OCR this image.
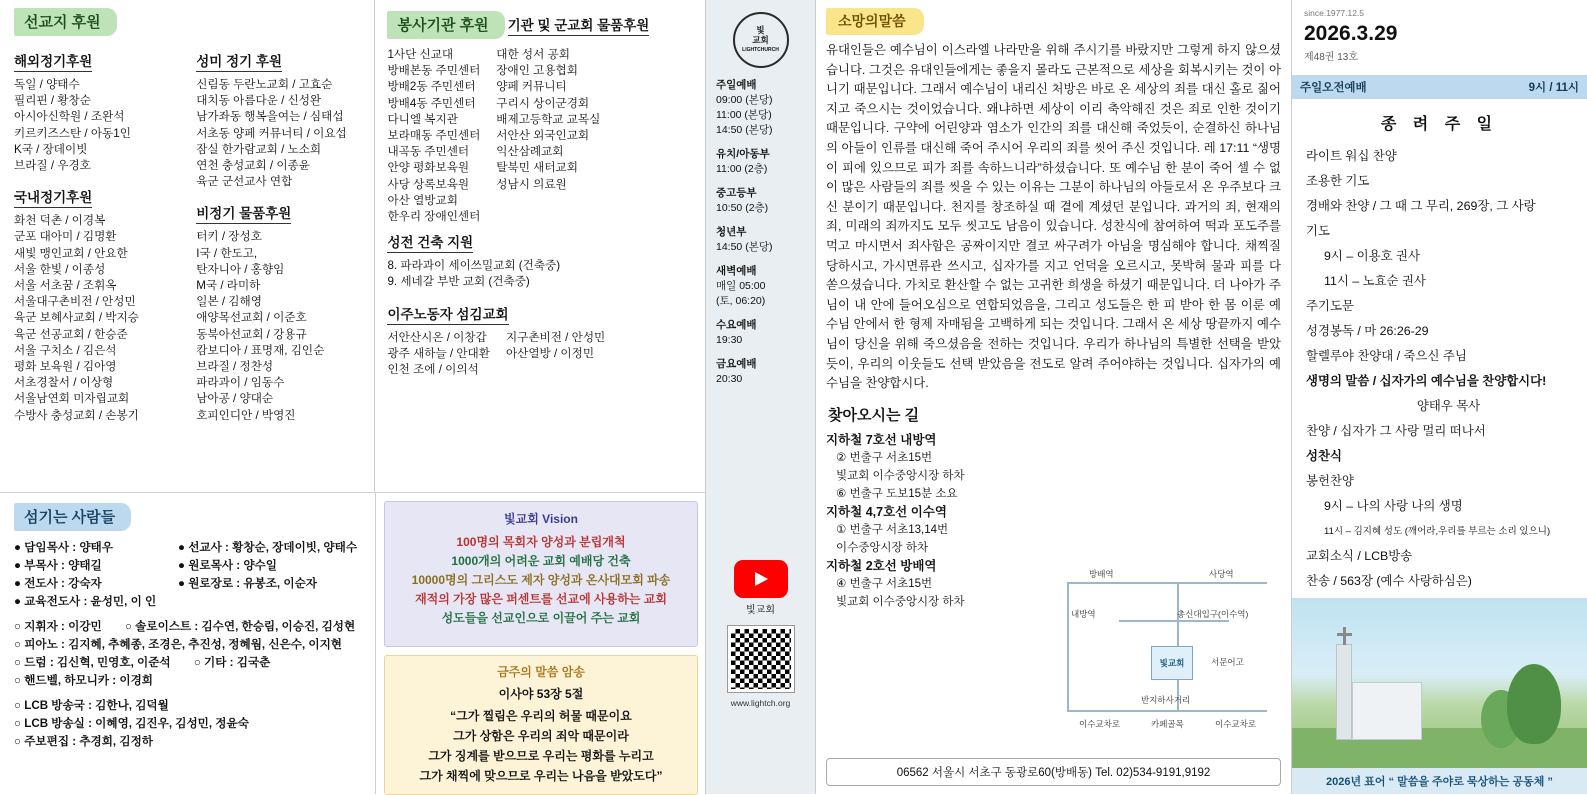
선교지 후원
해외정기후원
독일 / 양태수
필리핀 / 황창순
아시아신학원 / 조완석
키르키즈스탄 / 아동1인
K국 / 장데이빗
브라질 / 우경호
국내정기후원
화천 덕촌 / 이경복
군포 대아미 / 김명환
새빛 맹인교회 / 안요한
서울 한빛 / 이종성
서울 서초꿈 / 조휘옥
서울대구촌비전 / 안성민
육군 보혜사교회 / 박지승
육군 선공교회 / 한승준
서울 구치소 / 김은석
평화 보육원 / 김아영
서초경찰서 / 이상형
서울남연회 미자립교회
수방사 충성교회 / 손봉기
성미 정기 후원
신림동 두란노교회 / 고효순
대치동 아름다운 / 신성완
남가좌동 행복을여는 / 심태섭
서초동 양페 커뮤너티 / 이요섭
잠실 한가람교회 / 노소희
연천 충성교회 / 이종윤
육군 군선교사 연합
비정기 물품후원
터키 / 장성호
I국 / 한도고,
탄자니아 / 홍향임
M국 / 라미하
일본 / 김해영
애양목선교회 / 이준호
동북아선교회 / 강용규
캄보디아 / 표명재, 김인순
브라질 / 정찬성
파라과이 / 임동수
남아공 / 양대순
호피인디안 / 박영진
봉사기관 후원 기관 및 군교회 물품후원
1사단 신교대
방배본동 주민센터
방배2동 주민센터
방배4동 주민센터
다니엘 복지관
보라매동 주민센터
내곡동 주민센터
안양 평화보육원
사당 상록보육원
아산 열방교회
한우리 장애인센터
대한 성서 공회
장애인 고용협회
양페 커뮤니티
구리시 상이군경회
배제고등학교 교목실
서안산 외국인교회
익산삼례교회
탈북민 새터교회
성남시 의료원
성전 건축 지원
8. 파라과이 세이쓰밀교회 (건축중)
9. 세네갈 부반 교회 (건축중)
이주노동자 섬김교회
서안산시온 / 이창갑
광주 새하늘 / 안대환
인천 조에 / 이의석
지구촌비전 / 안성민
아산열방 / 이정민
섬기는 사람들
● 담임목사 : 양태우
● 부목사 : 양태길
● 전도사 : 강숙자
● 교육전도사 : 윤성민, 이 인
● 선교사 : 황창순, 장데이빗, 양태수
● 원로목사 : 양수일
● 원로장로 : 유봉조, 이순자
○ 지휘자 : 이강민　　○ 솔로이스트 : 김수연, 한승림, 이승진, 김성현
○ 피아노 : 김지혜, 추혜종, 조경은, 추진성, 정혜웜, 신은수, 이지현
○ 드럼 : 김신혁, 민영호, 이준석　　○ 기타 : 김국춘
○ 핸드벨, 하모니카 : 이경희
○ LCB 방송국 : 김한나, 김덕월
○ LCB 방송실 : 이혜영, 김진우, 김성민, 정윤숙
○ 주보편집 : 추경희, 김정하
빛교회 Vision
100명의 목회자 양성과 분립개척
1000개의 어려운 교회 예배당 건축
10000명의 그리스도 제자 양성과 온사대모회 파송
재적의 가장 많은 퍼센트를 선교에 사용하는 교회
성도들을 선교인으로 이끌어 주는 교회
금주의 말씀 암송
이사야 53장 5절

“그가 찔림은 우리의 허물 때문이요

그가 상함은 우리의 죄악 때문이라

그가 징계를 받으므로 우리는 평화를 누리고

그가 채찍에 맞으므로 우리는 나음을 받았도다”

빛
교회
LIGHTCHURCH
주일예배
09:00 (본당)
11:00 (본당)
14:50 (본당)
유치/아동부
11:00 (2층)
중고등부
10:50 (2층)
청년부
14:50 (본당)
새벽예배
매일 05:00
(토, 06:20)
수요예배
19:30
금요예배
20:30
빛교회
www.lightch.org
소망의말씀
유대인들은 예수님이 이스라엘 나라만을 위해 주시기를 바랐지만 그렇게 하지 않으셨습니다. 그것은 유대인들에게는 좋을지 몰라도 근본적으로 세상을 회복시키는 것이 아니기 때문입니다. 그래서 예수님이 내리신 처방은 바로 온 세상의 죄를 대신 홀로 짊어지고 죽으시는 것이었습니다. 왜냐하면 세상이 이리 축악해진 것은 죄로 인한 것이기 때문입니다. 구약에 어린양과 염소가 인간의 죄를 대신해 죽었듯이, 순결하신 하나님의 아들이 인류를 대신해 죽어 주시어 우리의 죄를 씻어 주신 것입니다. 레 17:11 “생명이 피에 있으므로 피가 죄를 속하느니라”하셨습니다. 또 예수님 한 분이 죽어 셀 수 없이 많은 사람들의 죄를 씻을 수 있는 이유는 그분이 하나님의 아들로서 온 우주보다 크신 분이기 때문입니다. 천지를 창조하실 때 곁에 계셨던 분입니다. 과거의 죄, 현재의 죄, 미래의 죄까지도 모두 씻고도 남음이 있습니다. 성찬식에 참여하여 떡과 포도주를 먹고 마시면서 죄사함은 공짜이지만 결코 싸구려가 아님을 명심해야 합니다. 채찍질 당하시고, 가시면류관 쓰시고, 십자가를 지고 언덕을 오르시고, 못박혀 물과 피를 다 쏟으셨습니다. 가치로 환산할 수 없는 고귀한 희생을 하셨기 때문입니다. 더 나아가 주님이 내 안에 들어오심으로 연합되었음을, 그리고 성도들은 한 피 받아 한 몸 이룬 예수님 안에서 한 형제 자매됨을 고백하게 되는 것입니다. 그래서 온 세상 땅끝까지 예수님이 당신을 위해 죽으셨음을 전하는 것입니다. 우리가 하나님의 특별한 선택을 받았듯이, 우리의 이웃들도 선택 받았음을 전도로 알려 주어야하는 것입니다. 십자가의 예수님을 찬양합시다.
찾아오시는 길
지하철 7호선 내방역
② 번출구 서초15번
빛교회 이수중앙시장 하차
⑥ 번출구 도보15분 소요
지하철 4,7호선 이수역
① 번출구 서초13,14번
이수중앙시장 하차
지하철 2호선 방배역
④ 번출구 서초15번
빛교회 이수중앙시장 하차
방배역	사당역
내방역	총신대입구(이수역)
서문어고
반지하사거리
이수교차로	카페골목	이수교차로
빛교회
06562 서울시 서초구 동광로60(방배동) Tel. 02)534-9191,9192
since.1977.12.5
2026.3.29
제48권 13호
주일오전예배	9시 / 11시
종 려 주 일
라이트 워십 찬양
조용한 기도
경배와 찬양 / 그 때 그 무리, 269장, 그 사랑
기도
9시 – 이용호 권사
11시 – 노효순 권사
주기도문
성경봉독 / 마 26:26-29
할렐루야 찬양대 / 죽으신 주님
생명의 말씀 / 십자가의 예수님을 찬양합시다!
양태우 목사
찬양 / 십자가 그 사랑 멀리 떠나서
성찬식
봉헌찬양
9시 – 나의 사랑 나의 생명
11시 – 김지혜 성도 (깨어라,우리를 부르는 소리 있으니)
교회소식 / LCB방송
찬송 / 563장 (예수 사랑하심은)
2026년 표어 “ 말씀을 주야로 묵상하는 공동체 ”
